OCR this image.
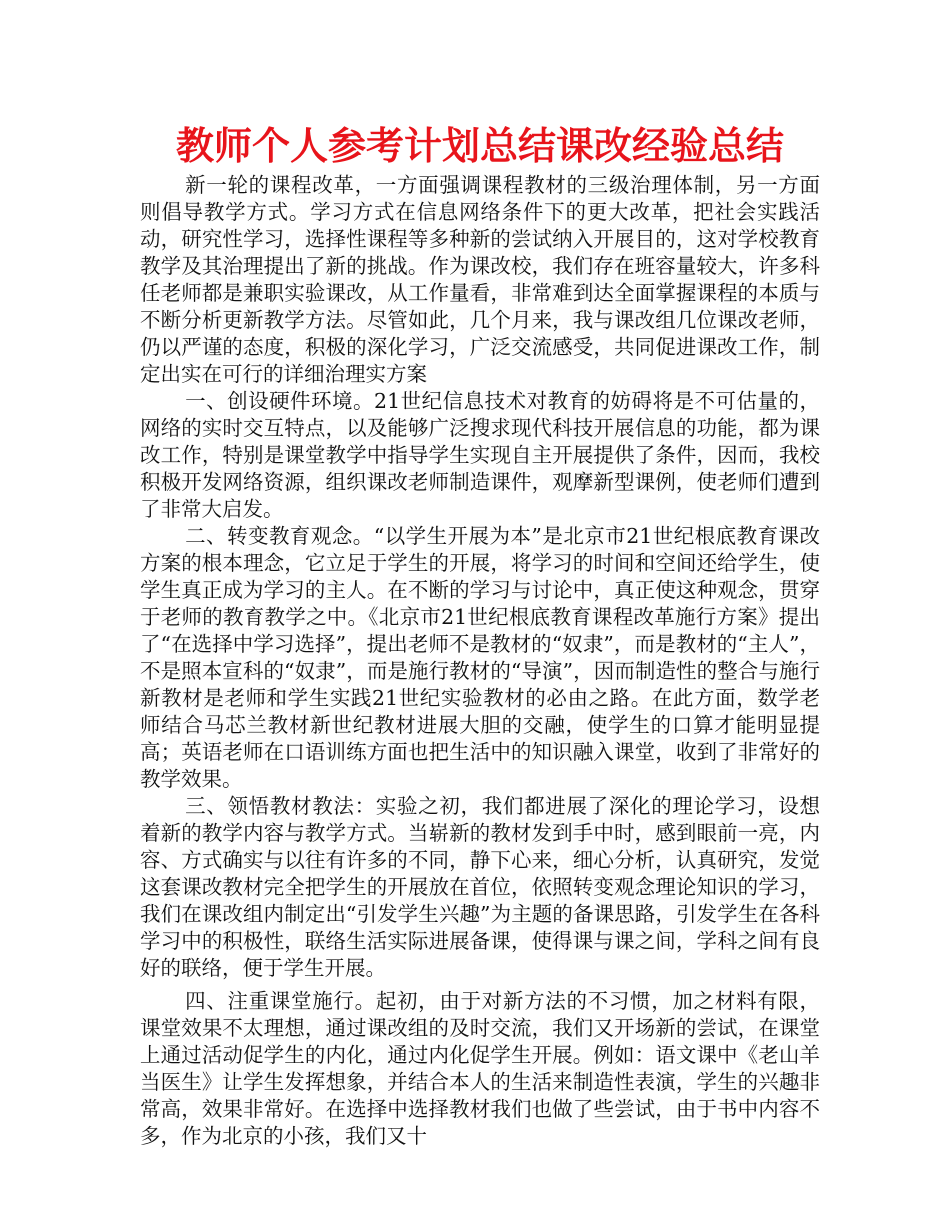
教师个人参考计划总结课改经验总结

新一轮的课程改革，一方面强调课程教材的三级治理体制，另一方面则倡导教学方式。学习方式在信息网络条件下的更大改革，把社会实践活动，研究性学习，选择性课程等多种新的尝试纳入开展目的，这对学校教育教学及其治理提出了新的挑战。作为课改校，我们存在班容量较大，许多科任老师都是兼职实验课改，从工作量看，非常难到达全面掌握课程的本质与不断分析更新教学方法。尽管如此，几个月来，我与课改组几位课改老师，仍以严谨的态度，积极的深化学习，广泛交流感受，共同促进课改工作，制定出实在可行的详细治理实方案

一、创设硬件环境。21世纪信息技术对教育的妨碍将是不可估量的，网络的实时交互特点，以及能够广泛搜求现代科技开展信息的功能，都为课改工作，特别是课堂教学中指导学生实现自主开展提供了条件，因而，我校积极开发网络资源，组织课改老师制造课件，观摩新型课例，使老师们遭到了非常大启发。

二、转变教育观念。“以学生开展为本”是北京市21世纪根底教育课改方案的根本理念，它立足于学生的开展，将学习的时间和空间还给学生，使学生真正成为学习的主人。在不断的学习与讨论中，真正使这种观念，贯穿于老师的教育教学之中。《北京市21世纪根底教育课程改革施行方案》提出了“在选择中学习选择”，提出老师不是教材的“奴隶”，而是教材的“主人”，不是照本宣科的“奴隶”，而是施行教材的“导演”，因而制造性的整合与施行新教材是老师和学生实践21世纪实验教材的必由之路。在此方面，数学老师结合马芯兰教材新世纪教材进展大胆的交融，使学生的口算才能明显提高；英语老师在口语训练方面也把生活中的知识融入课堂，收到了非常好的教学效果。

三、领悟教材教法：实验之初，我们都进展了深化的理论学习，设想着新的教学内容与教学方式。当崭新的教材发到手中时，感到眼前一亮，内容、方式确实与以往有许多的不同，静下心来，细心分析，认真研究，发觉这套课改教材完全把学生的开展放在首位，依照转变观念理论知识的学习，我们在课改组内制定出“引发学生兴趣”为主题的备课思路，引发学生在各科学习中的积极性，联络生活实际进展备课，使得课与课之间，学科之间有良好的联络，便于学生开展。

四、注重课堂施行。起初，由于对新方法的不习惯，加之材料有限，课堂效果不太理想，通过课改组的及时交流，我们又开场新的尝试，在课堂上通过活动促学生的内化，通过内化促学生开展。例如：语文课中《老山羊当医生》让学生发挥想象，并结合本人的生活来制造性表演，学生的兴趣非常高，效果非常好。在选择中选择教材我们也做了些尝试，由于书中内容不多，作为北京的小孩，我们又十
